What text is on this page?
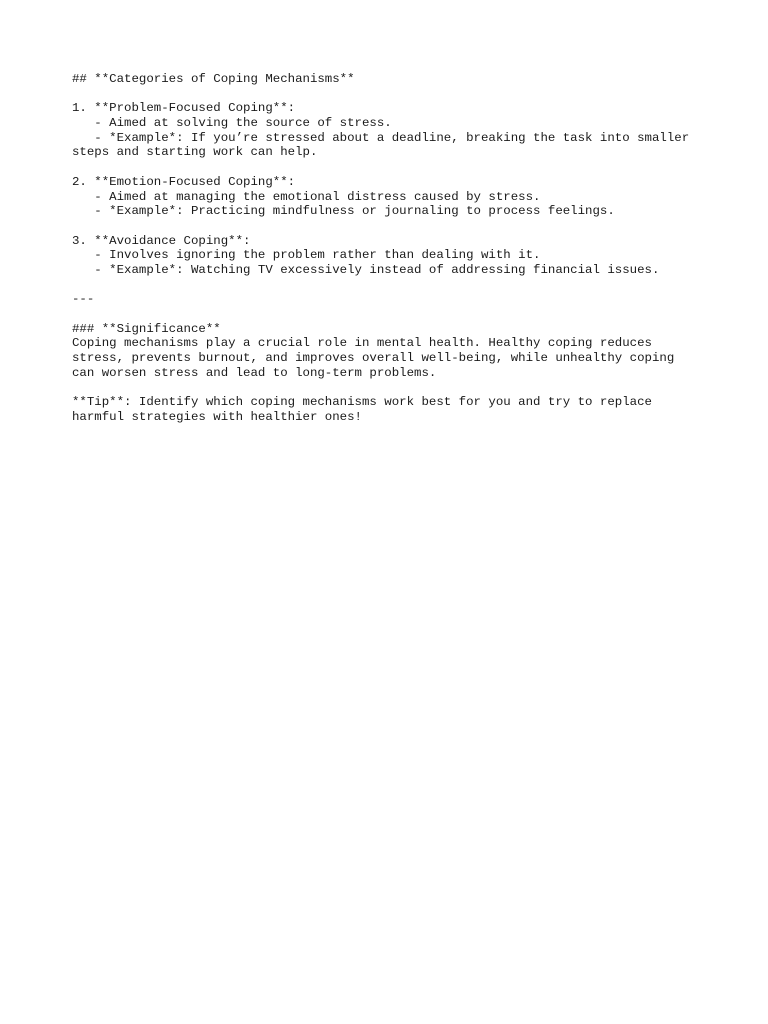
## **Categories of Coping Mechanisms**
1. **Problem-Focused Coping**:
- Aimed at solving the source of stress.
- *Example*: If you’re stressed about a deadline, breaking the task into smaller
steps and starting work can help.
2. **Emotion-Focused Coping**:
- Aimed at managing the emotional distress caused by stress.
- *Example*: Practicing mindfulness or journaling to process feelings.
3. **Avoidance Coping**:
- Involves ignoring the problem rather than dealing with it.
- *Example*: Watching TV excessively instead of addressing financial issues.
---
### **Significance**
Coping mechanisms play a crucial role in mental health. Healthy coping reduces
stress, prevents burnout, and improves overall well-being, while unhealthy coping
can worsen stress and lead to long-term problems.
**Tip**: Identify which coping mechanisms work best for you and try to replace
harmful strategies with healthier ones!
